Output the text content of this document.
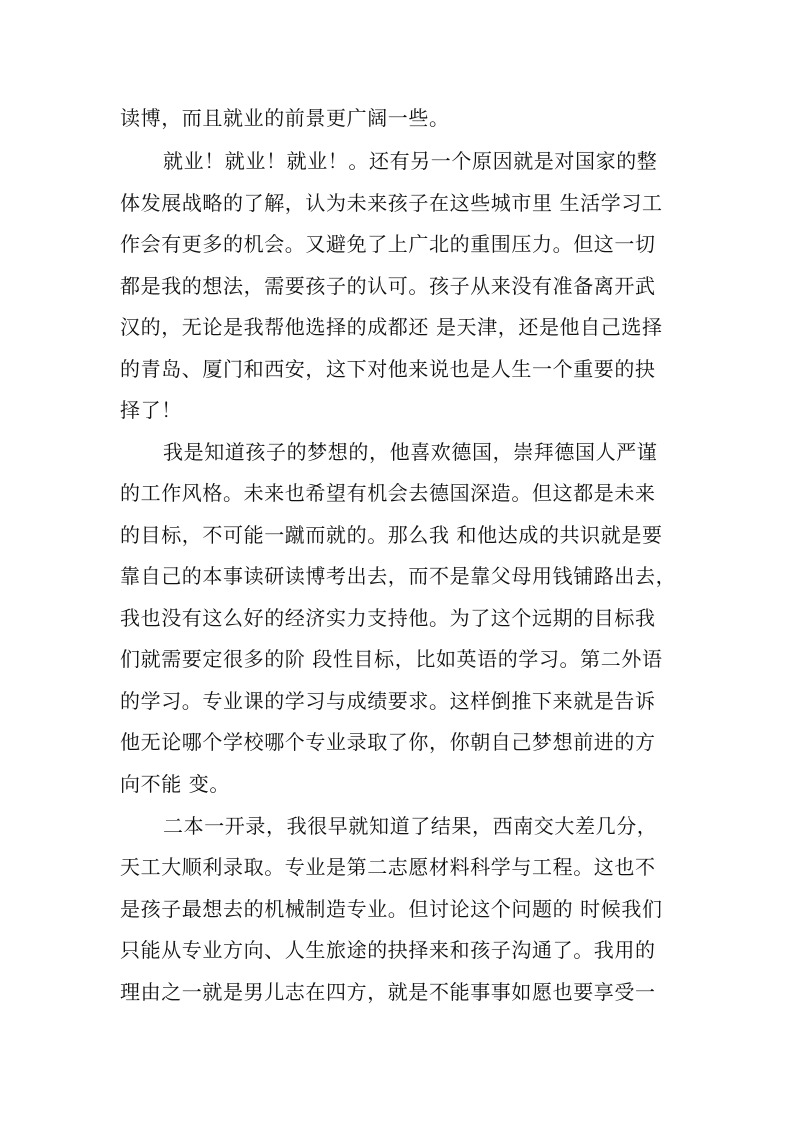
读博，而且就业的前景更广阔一些。
就业！就业！就业！。还有另一个原因就是对国家的整
体发展战略的了解，认为未来孩子在这些城市里 生活学习工
作会有更多的机会。又避免了上广北的重围压力。但这一切
都是我的想法，需要孩子的认可。孩子从来没有准备离开武
汉的，无论是我帮他选择的成都还 是天津，还是他自己选择
的青岛、厦门和西安，这下对他来说也是人生一个重要的抉
择了！
我是知道孩子的梦想的，他喜欢德国，崇拜德国人严谨
的工作风格。未来也希望有机会去德国深造。但这都是未来
的目标，不可能一蹴而就的。那么我 和他达成的共识就是要
靠自己的本事读研读博考出去，而不是靠父母用钱铺路出去，
我也没有这么好的经济实力支持他。为了这个远期的目标我
们就需要定很多的阶 段性目标，比如英语的学习。第二外语
的学习。专业课的学习与成绩要求。这样倒推下来就是告诉
他无论哪个学校哪个专业录取了你，你朝自己梦想前进的方
向不能 变。
二本一开录，我很早就知道了结果，西南交大差几分，
天工大顺利录取。专业是第二志愿材料科学与工程。这也不
是孩子最想去的机械制造专业。但讨论这个问题的 时候我们
只能从专业方向、人生旅途的抉择来和孩子沟通了。我用的
理由之一就是男儿志在四方，就是不能事事如愿也要享受一
